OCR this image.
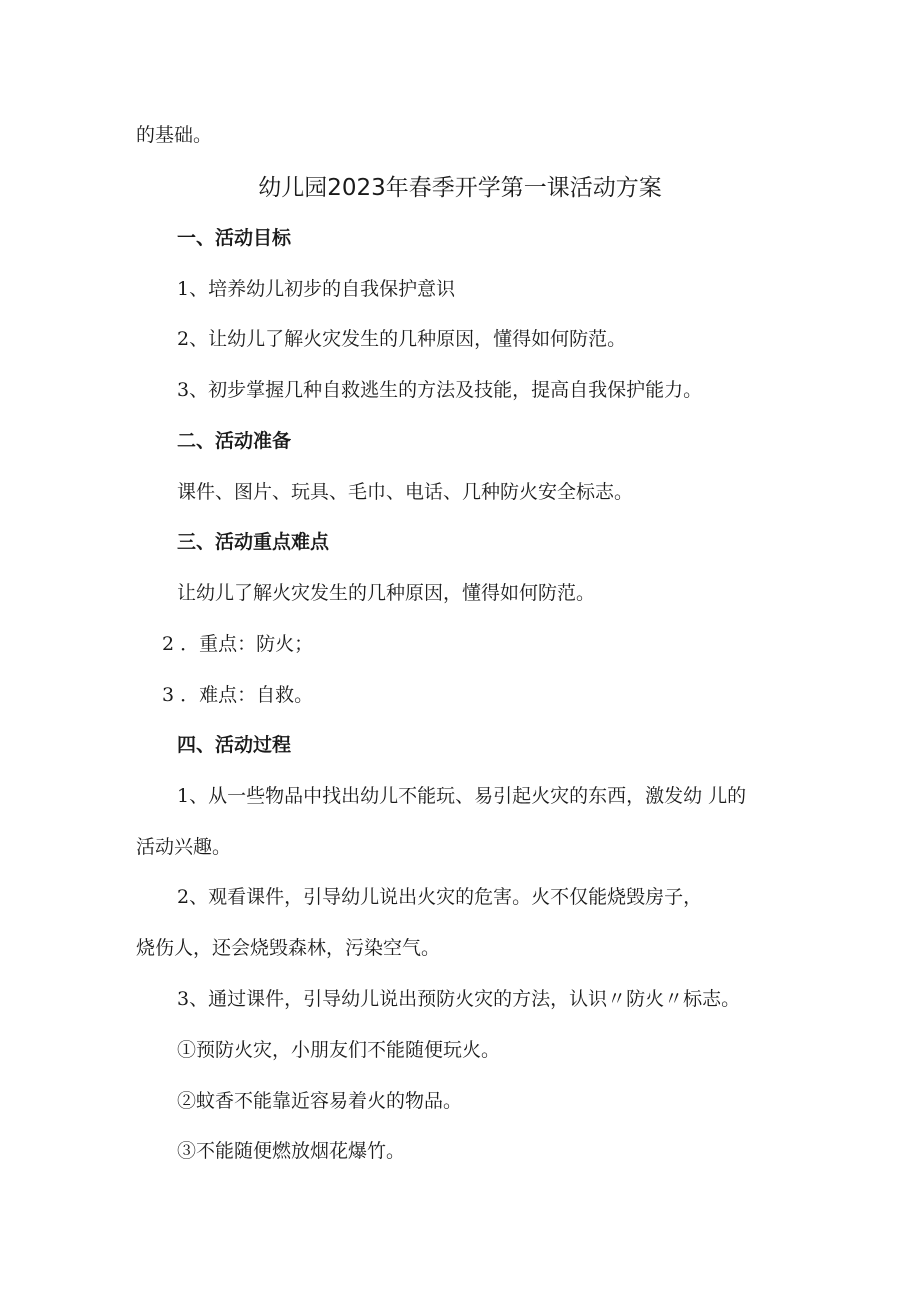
的基础。
幼儿园2023年春季开学第一课活动方案
一、活动目标
1、培养幼儿初步的自我保护意识
2、让幼儿了解火灾发生的几种原因，懂得如何防范。
3、初步掌握几种自救逃生的方法及技能，提高自我保护能力。
二、活动准备
课件、图片、玩具、毛巾、电话、几种防火安全标志。
三、活动重点难点
让幼儿了解火灾发生的几种原因，懂得如何防范。
2 ．重点：防火；
3 ．难点：自救。
四、活动过程
1、从一些物品中找出幼儿不能玩、易引起火灾的东西，激发幼 儿的
活动兴趣。
2、观看课件，引导幼儿说出火灾的危害。火不仅能烧毁房子，
烧伤人，还会烧毁森林，污染空气。
3、通过课件，引导幼儿说出预防火灾的方法，认识〃防火〃标志。
①预防火灾，小朋友们不能随便玩火。
②蚊香不能靠近容易着火的物品。
③不能随便燃放烟花爆竹。
